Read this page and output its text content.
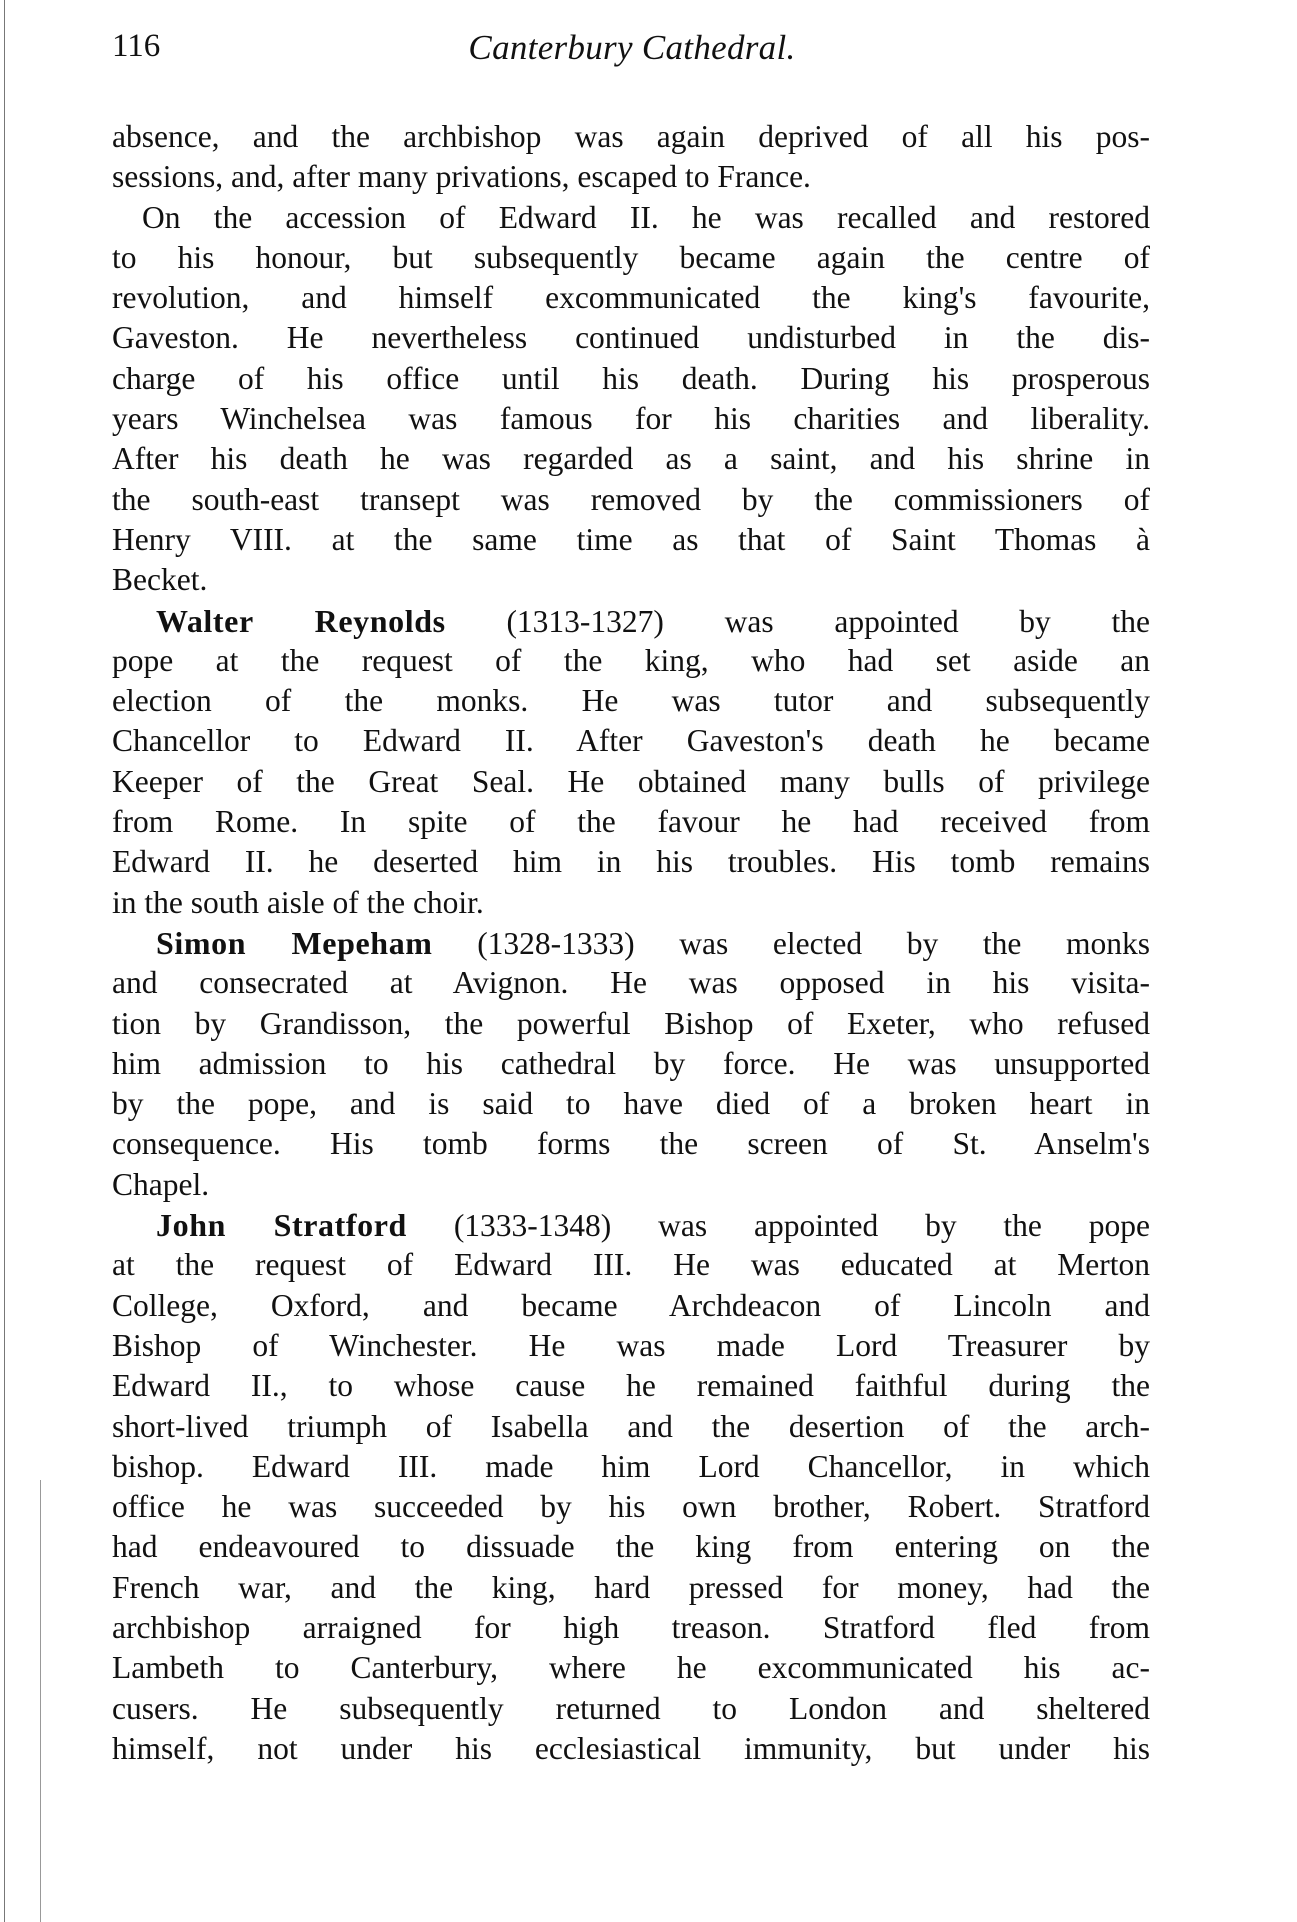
116	Canterbury Cathedral.
absence, and the archbishop was again deprived of all his pos-
sessions, and, after many privations, escaped to France.
On the accession of Edward II. he was recalled and restored
to his honour, but subsequently became again the centre of
revolution, and himself excommunicated the king's favourite,
Gaveston. He nevertheless continued undisturbed in the dis-
charge of his office until his death. During his prosperous
years Winchelsea was famous for his charities and liberality.
After his death he was regarded as a saint, and his shrine in
the south-east transept was removed by the commissioners of
Henry VIII. at the same time as that of Saint Thomas à
Becket.
Walter Reynolds (1313-1327) was appointed by the
pope at the request of the king, who had set aside an
election of the monks. He was tutor and subsequently
Chancellor to Edward II. After Gaveston's death he became
Keeper of the Great Seal. He obtained many bulls of privilege
from Rome. In spite of the favour he had received from
Edward II. he deserted him in his troubles. His tomb remains
in the south aisle of the choir.
Simon Mepeham (1328-1333) was elected by the monks
and consecrated at Avignon. He was opposed in his visita-
tion by Grandisson, the powerful Bishop of Exeter, who refused
him admission to his cathedral by force. He was unsupported
by the pope, and is said to have died of a broken heart in
consequence. His tomb forms the screen of St. Anselm's
Chapel.
John Stratford (1333-1348) was appointed by the pope
at the request of Edward III. He was educated at Merton
College, Oxford, and became Archdeacon of Lincoln and
Bishop of Winchester. He was made Lord Treasurer by
Edward II., to whose cause he remained faithful during the
short-lived triumph of Isabella and the desertion of the arch-
bishop. Edward III. made him Lord Chancellor, in which
office he was succeeded by his own brother, Robert. Stratford
had endeavoured to dissuade the king from entering on the
French war, and the king, hard pressed for money, had the
archbishop arraigned for high treason. Stratford fled from
Lambeth to Canterbury, where he excommunicated his ac-
cusers. He subsequently returned to London and sheltered
himself, not under his ecclesiastical immunity, but under his
